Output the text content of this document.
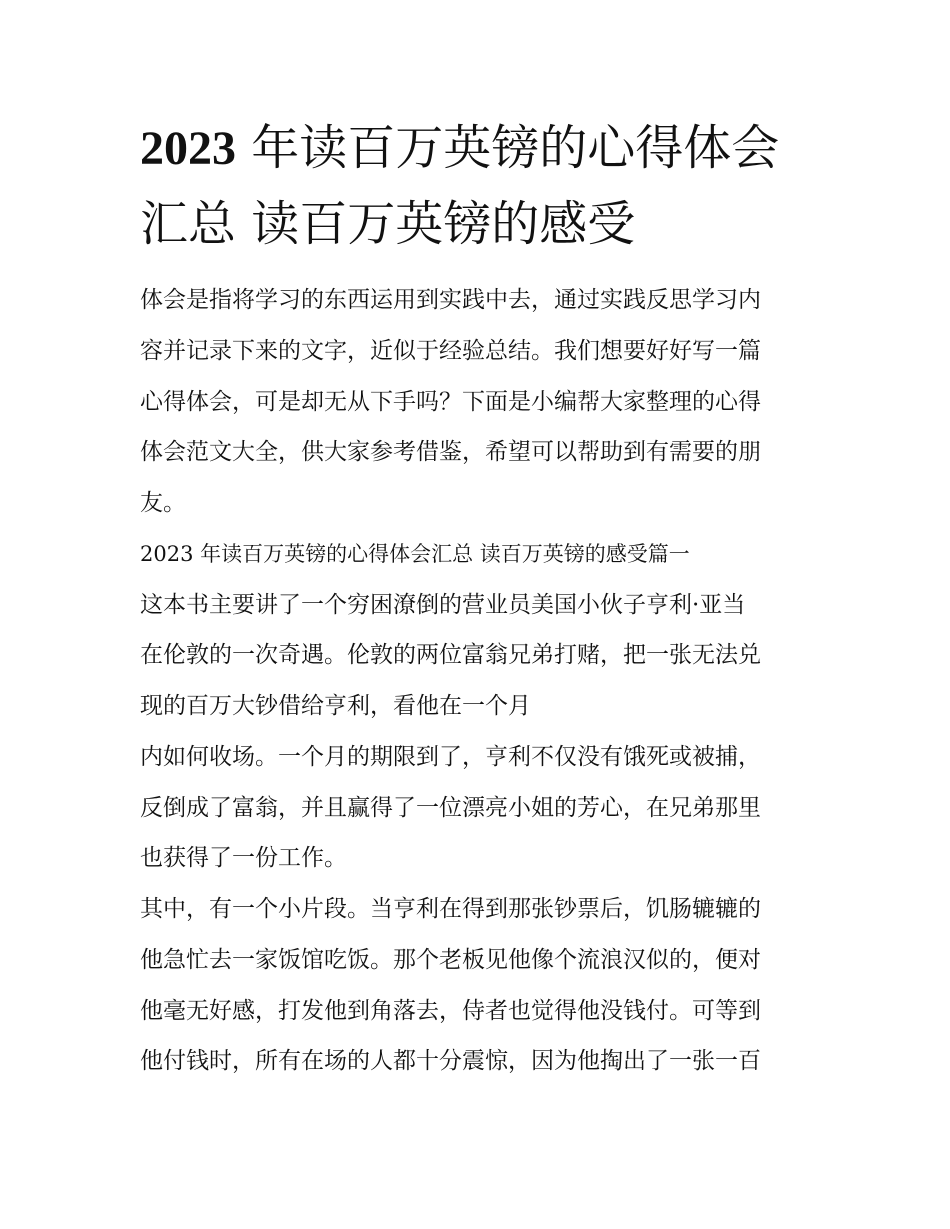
2023 年读百万英镑的心得体会
汇总 读百万英镑的感受

体会是指将学习的东西运用到实践中去，通过实践反思学习内

容并记录下来的文字，近似于经验总结。我们想要好好写一篇

心得体会，可是却无从下手吗？下面是小编帮大家整理的心得

体会范文大全，供大家参考借鉴，希望可以帮助到有需要的朋

友。

2023 年读百万英镑的心得体会汇总 读百万英镑的感受篇一

这本书主要讲了一个穷困潦倒的营业员美国小伙子亨利·亚当

在伦敦的一次奇遇。伦敦的两位富翁兄弟打赌，把一张无法兑

现的百万大钞借给亨利，看他在一个月

内如何收场。一个月的期限到了，亨利不仅没有饿死或被捕，

反倒成了富翁，并且赢得了一位漂亮小姐的芳心，在兄弟那里

也获得了一份工作。

其中，有一个小片段。当亨利在得到那张钞票后，饥肠辘辘的

他急忙去一家饭馆吃饭。那个老板见他像个流浪汉似的，便对

他毫无好感，打发他到角落去，侍者也觉得他没钱付。可等到

他付钱时，所有在场的人都十分震惊，因为他掏出了一张一百
